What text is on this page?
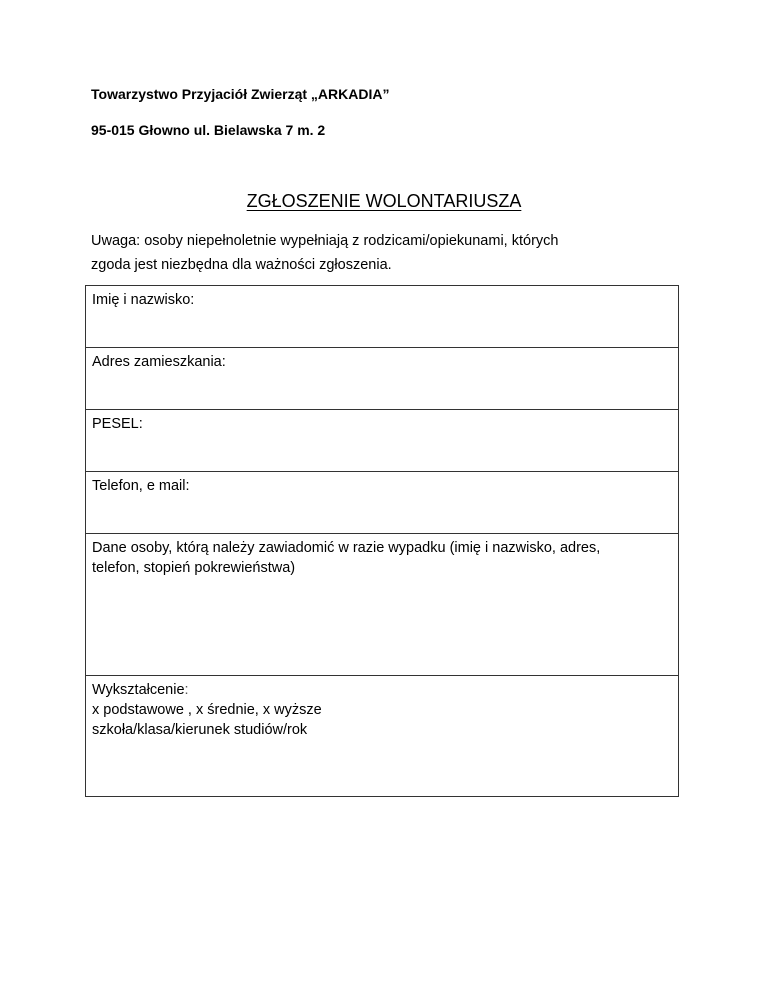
Towarzystwo Przyjaciół Zwierząt „ARKADIA”
95-015 Głowno ul. Bielawska 7 m. 2
ZGŁOSZENIE WOLONTARIUSZA
Uwaga: osoby niepełnoletnie wypełniają z rodzicami/opiekunami, których
zgoda jest niezbędna dla ważności zgłoszenia.
Imię i nazwisko:
Adres zamieszkania:
PESEL:
Telefon, e mail:

Dane osoby, którą należy zawiadomić w razie wypadku (imię i nazwisko, adres,
telefon, stopień pokrewieństwa)

Wykształcenie:
x podstawowe , x średnie, x wyższe
szkoła/klasa/kierunek studiów/rok
